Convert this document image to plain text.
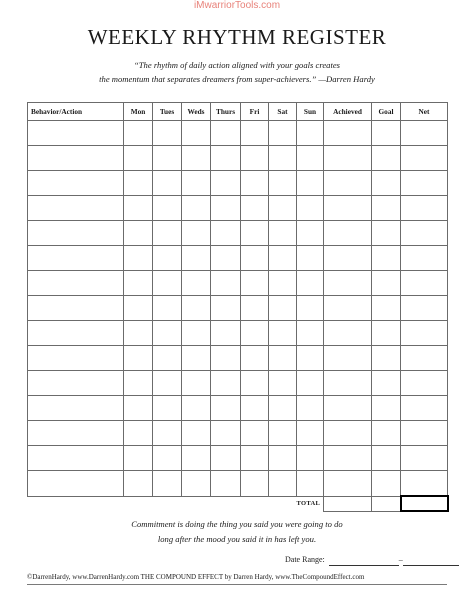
iMwarriorTools.com
WEEKLY RHYTHM REGISTER
“The rhythm of daily action aligned with your goals creates
the momentum that separates dreamers from super-achievers.” —Darren Hardy
Behavior/Action	Mon	Tues	Weds	Thurs	Fri	Sat	Sun	Achieved	Goal	Net

							TOTAL			
Commitment is doing the thing you said you were going to do
long after the mood you said it in has left you.
Date Range:	–
©DarrenHardy, www.DarrenHardy.com THE COMPOUND EFFECT by Darren Hardy, www.TheCompoundEffect.com
